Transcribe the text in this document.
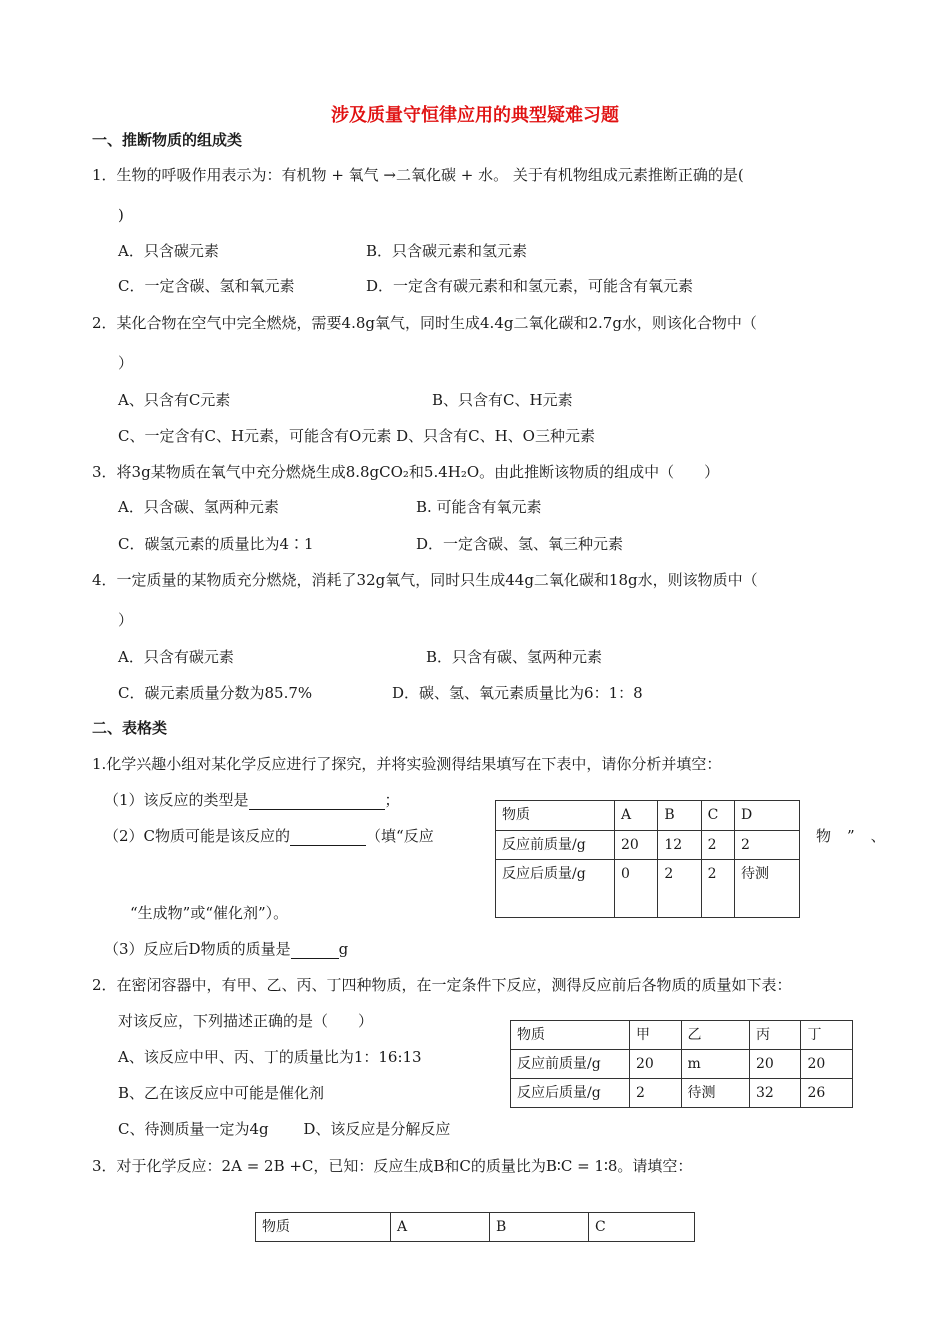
涉及质量守恒律应用的典型疑难习题
一、推断物质的组成类
1．生物的呼吸作用表示为：有机物 + 氧气 →二氧化碳 + 水。 关于有机物组成元素推断正确的是(
)
A．只含碳元素	B．只含碳元素和氢元素
C．一定含碳、氢和氧元素	D．一定含有碳元素和和氢元素，可能含有氧元素
2．某化合物在空气中完全燃烧，需要4.8g氧气，同时生成4.4g二氧化碳和2.7g水，则该化合物中（
）
A、只含有C元素	B、只含有C、H元素
C、一定含有C、H元素，可能含有O元素 D、只含有C、H、O三种元素
3．将3g某物质在氧气中充分燃烧生成8.8gCO₂和5.4H₂O。由此推断该物质的组成中（　　）
A．只含碳、氢两种元素	B. 可能含有氧元素
C．碳氢元素的质量比为4∶1	D．一定含碳、氢、氧三种元素
4．一定质量的某物质充分燃烧，消耗了32g氧气，同时只生成44g二氧化碳和18g水，则该物质中（
）
A．只含有碳元素	B．只含有碳、氢两种元素
C．碳元素质量分数为85.7%	D．碳、氢、氧元素质量比为6：1：8
二、表格类
1.化学兴趣小组对某化学反应进行了探究，并将实验测得结果填写在下表中，请你分析并填空：
（1）该反应的类型是	；
（2）C物质可能是该反应的	（填“反应	物”、
“生成物”或“催化剂”）。
（3）反应后D物质的质量是	g
物质	A	B	C	D
反应前质量/g	20	12	2	2
反应后质量/g	0	2	2	待测
2．在密闭容器中，有甲、乙、丙、丁四种物质，在一定条件下反应，测得反应前后各物质的质量如下表：
对该反应，下列描述正确的是（　　）
A、该反应中甲、丙、丁的质量比为1：16:13
B、乙在该反应中可能是催化剂
C、待测质量一定为4g　　 D、该反应是分解反应
物质	甲	乙	丙	丁
反应前质量/g	20	m	20	20
反应后质量/g	2	待测	32	26
3．对于化学反应：2A = 2B +C，已知：反应生成B和C的质量比为B∶C = 1∶8。请填空：
物质	A	B	C
